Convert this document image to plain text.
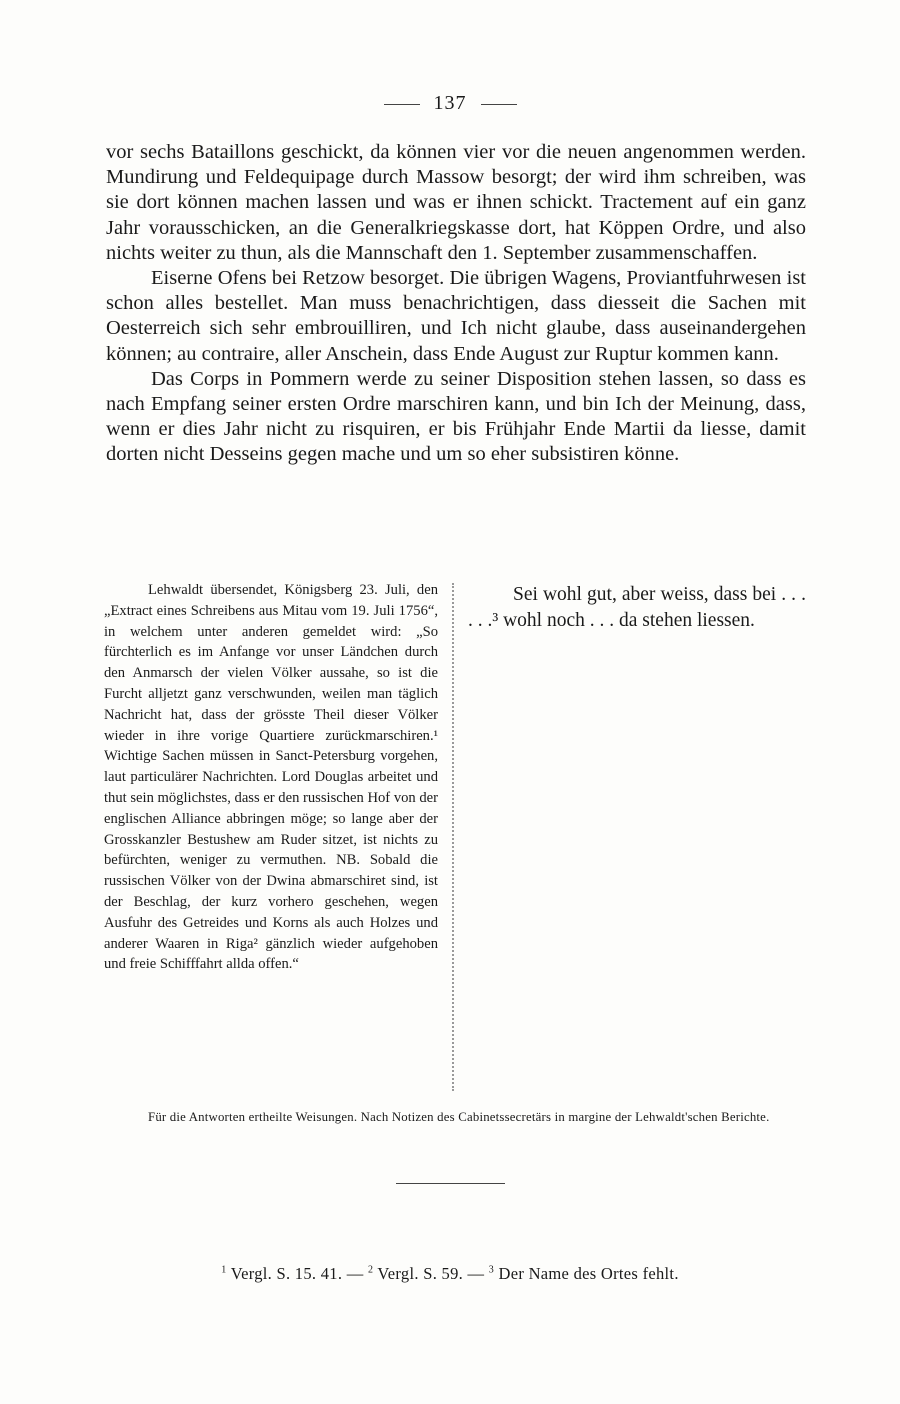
137

vor sechs Bataillons geschickt, da können vier vor die neuen angenommen werden. Mundirung und Feldequipage durch Massow besorgt; der wird ihm schreiben, was sie dort können machen lassen und was er ihnen schickt. Tractement auf ein ganz Jahr vorausschicken, an die Generalkriegskasse dort, hat Köppen Ordre, und also nichts weiter zu thun, als die Mannschaft den 1. September zusammenschaffen.

Eiserne Ofens bei Retzow besorget. Die übrigen Wagens, Proviantfuhrwesen ist schon alles bestellet. Man muss benachrichtigen, dass diesseit die Sachen mit Oesterreich sich sehr embrouilliren, und Ich nicht glaube, dass auseinandergehen können; au contraire, aller Anschein, dass Ende August zur Ruptur kommen kann.

Das Corps in Pommern werde zu seiner Disposition stehen lassen, so dass es nach Empfang seiner ersten Ordre marschiren kann, und bin Ich der Meinung, dass, wenn er dies Jahr nicht zu risquiren, er bis Frühjahr Ende Martii da liesse, damit dorten nicht Desseins gegen mache und um so eher subsistiren könne.

Lehwaldt übersendet, Königsberg 23. Juli, den „Extract eines Schreibens aus Mitau vom 19. Juli 1756“, in welchem unter anderen gemeldet wird: „So fürchterlich es im Anfange vor unser Ländchen durch den Anmarsch der vielen Völker aussahe, so ist die Furcht alljetzt ganz verschwunden, weilen man täglich Nachricht hat, dass der grösste Theil dieser Völker wieder in ihre vorige Quartiere zurückmarschiren.¹ Wichtige Sachen müssen in Sanct-Petersburg vorgehen, laut particulärer Nachrichten. Lord Douglas arbeitet und thut sein möglichstes, dass er den russischen Hof von der englischen Alliance abbringen möge; so lange aber der Grosskanzler Bestushew am Ruder sitzet, ist nichts zu befürchten, weniger zu vermuthen. NB. Sobald die russischen Völker von der Dwina abmarschiret sind, ist der Beschlag, der kurz vorhero geschehen, wegen Ausfuhr des Getreides und Korns als auch Holzes und anderer Waaren in Riga² gänzlich wieder aufgehoben und freie Schifffahrt allda offen.“
Sei wohl gut, aber weiss, dass bei . . . . . .³ wohl noch . . . da stehen liessen.
Für die Antworten ertheilte Weisungen. Nach Notizen des Cabinetssecretärs in margine der Lehwaldt'schen Berichte.
$^1$ Vergl. S. 15. 41. — $^2$ Vergl. S. 59. — $^3$ Der Name des Ortes fehlt.
